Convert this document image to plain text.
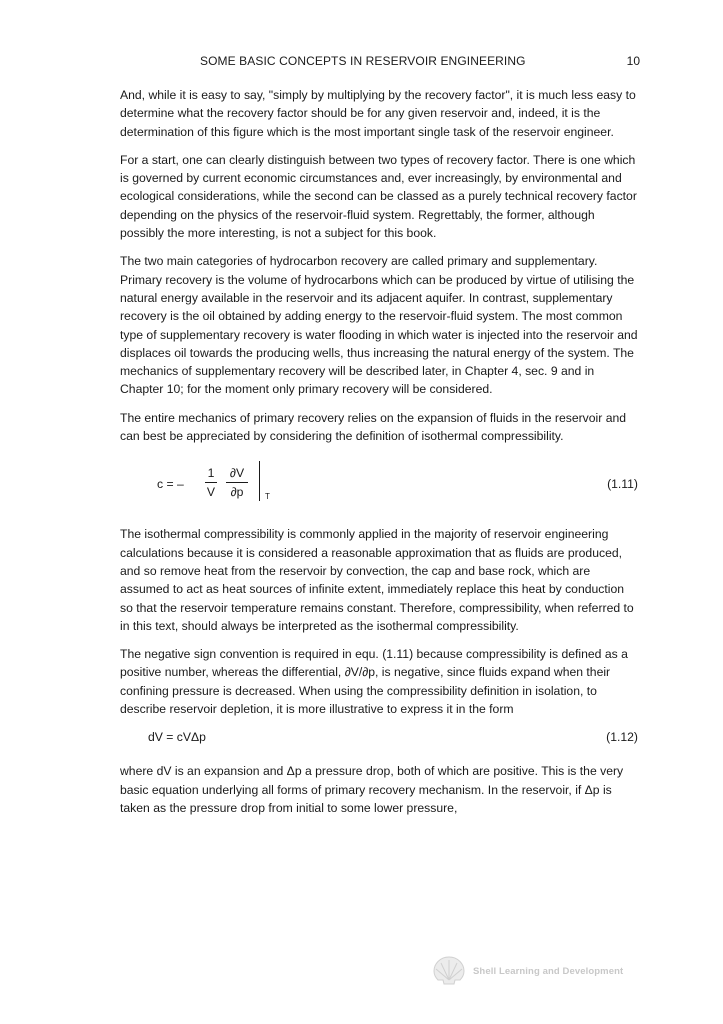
SOME BASIC CONCEPTS IN RESERVOIR ENGINEERING	10

And, while it is easy to say, "simply by multiplying by the recovery factor", it is much less easy to determine what the recovery factor should be for any given reservoir and, indeed, it is the determination of this figure which is the most important single task of the reservoir engineer.

For a start, one can clearly distinguish between two types of recovery factor. There is one which is governed by current economic circumstances and, ever increasingly, by environmental and ecological considerations, while the second can be classed as a purely technical recovery factor depending on the physics of the reservoir-fluid system. Regrettably, the former, although possibly the more interesting, is not a subject for this book.

The two main categories of hydrocarbon recovery are called primary and supplementary. Primary recovery is the volume of hydrocarbons which can be produced by virtue of utilising the natural energy available in the reservoir and its adjacent aquifer. In contrast, supplementary recovery is the oil obtained by adding energy to the reservoir-fluid system. The most common type of supplementary recovery is water flooding in which water is injected into the reservoir and displaces oil towards the producing wells, thus increasing the natural energy of the system. The mechanics of supplementary recovery will be described later, in Chapter 4, sec. 9 and in Chapter 10; for the moment only primary recovery will be considered.

The entire mechanics of primary recovery relies on the expansion of fluids in the reservoir and can best be appreciated by considering the definition of isothermal compressibility.

c = –
1
V
∂V
∂p	T
(1.11)

The isothermal compressibility is commonly applied in the majority of reservoir engineering calculations because it is considered a reasonable approximation that as fluids are produced, and so remove heat from the reservoir by convection, the cap and base rock, which are assumed to act as heat sources of infinite extent, immediately replace this heat by conduction so that the reservoir temperature remains constant. Therefore, compressibility, when referred to in this text, should always be interpreted as the isothermal compressibility.

The negative sign convention is required in equ. (1.11) because compressibility is defined as a positive number, whereas the differential, ∂V/∂p, is negative, since fluids expand when their confining pressure is decreased. When using the compressibility definition in isolation, to describe reservoir depletion, it is more illustrative to express it in the form

dV = cVΔp	(1.12)

where dV is an expansion and Δp a pressure drop, both of which are positive. This is the very basic equation underlying all forms of primary recovery mechanism. In the reservoir, if Δp is taken as the pressure drop from initial to some lower pressure,

Shell Learning and Development
